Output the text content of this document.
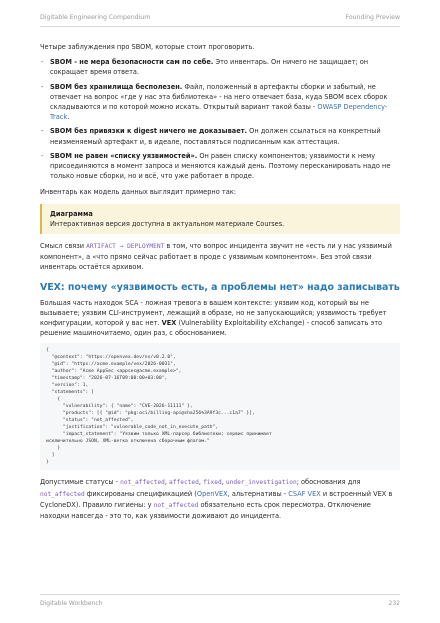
Digitable Engineering Compendium	Founding Preview

Четыре заблуждения про SBOM, которые стоит проговорить.

- SBOM - не мера безопасности сам по себе. Это инвентарь. Он ничего не защищает; он сокращает время ответа.
- SBOM без хранилища бесполезен. Файл, положенный в артефакты сборки и забытый, не отвечает на вопрос «где у нас эта библиотека» - на него отвечает база, куда SBOM всех сборок складываются и по которой можно искать. Открытый вариант такой базы - OWASP Dependency-Track.
- SBOM без привязки к digest ничего не доказывает. Он должен ссылаться на конкретный неизменяемый артефакт и, в идеале, поставляться подписанным как аттестация.
- SBOM не равен «списку уязвимостей». Он равен списку компонентов; уязвимости к нему присоединяются в момент запроса и меняются каждый день. Поэтому пересканировать надо не только новые сборки, но и всё, что уже работает в проде.

Инвентарь как модель данных выглядит примерно так:

Диаграмма
Интерактивная версия доступна в актуальном материале Courses.

Смысл связи ARTIFACT → DEPLOYMENT в том, что вопрос инцидента звучит не «есть ли у нас уязвимый компонент», а «что прямо сейчас работает в проде с уязвимым компонентом». Без этой связи инвентарь остаётся архивом.

VEX: почему «уязвимость есть, а проблемы нет» надо записывать

Большая часть находок SCA - ложная тревога в вашем контексте: уязвим код, который вы не вызываете; уязвим CLI-инструмент, лежащий в образе, но не запускающийся; уязвимость требует конфигурации, которой у вас нет. VEX (Vulnerability Exploitability eXchange) - способ записать это решение машиночитаемо, один раз, с обоснованием.

{
"@context": "https://openvex.dev/ns/v0.2.0",
"@id": "https://acme.example/vex/2026-0031",
"author": "Acme АррSec <appsec@acme.example>",
"timestamp": "2026-07-16T09:00:00+03:00",
"version": 1,
"statements": [
{
"vulnerability": { "name": "CVE-2026-11111" },
"products": [{ "@id": "pkg:oci/billing-api@sha256%3A9f3c...c1a7" }],
"status": "not_affected",
"justification": "vulnerable_code_not_in_execute_path",
"impact_statement": "Уязвим только XML-парсер библиотеки; сервис принимает
исключительно JSON, XML-ветка отключена сборочным флагом."
}
]
}

Допустимые статусы - not_affected, affected, fixed, under_investigation; обоснования для not_affected фиксированы спецификацией (OpenVEX, альтернативы - CSAF VEX и встроенный VEX в CycloneDX). Правило гигиены: у not_affected обязательно есть срок пересмотра. Отключение находки навсегда - это то, как уязвимости доживают до инцидента.

Digitable Workbench	232
